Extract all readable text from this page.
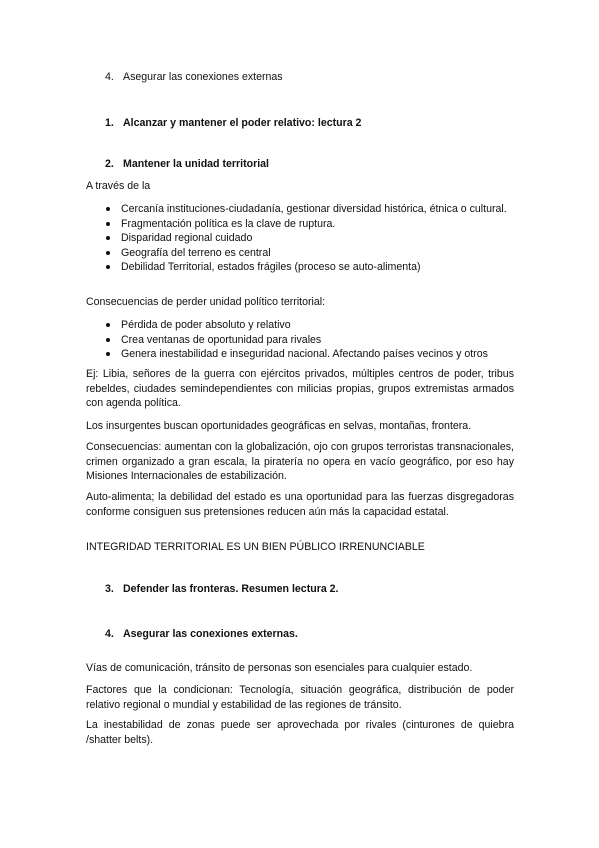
4. Asegurar las conexiones externas
1. Alcanzar y mantener el poder relativo: lectura 2
2. Mantener la unidad territorial
A través de la
Cercanía instituciones-ciudadanía, gestionar diversidad histórica, étnica o cultural.
Fragmentación política es la clave de ruptura.
Disparidad regional cuidado
Geografía del terreno es central
Debilidad Territorial, estados frágiles (proceso se auto-alimenta)
Consecuencias de perder unidad político territorial:
Pérdida de poder absoluto y relativo
Crea ventanas de oportunidad para rivales
Genera inestabilidad e inseguridad nacional. Afectando países vecinos y otros
Ej: Libia, señores de la guerra con ejércitos privados, múltiples centros de poder, tribus rebeldes, ciudades semindependientes con milicias propias, grupos extremistas armados con agenda política.
Los insurgentes buscan oportunidades geográficas en selvas, montañas, frontera.
Consecuencias: aumentan con la globalización, ojo con grupos terroristas transnacionales, crimen organizado a gran escala, la piratería no opera en vacío geográfico, por eso hay Misiones Internacionales de estabilización.
Auto-alimenta; la debilidad del estado es una oportunidad para las fuerzas disgregadoras conforme consiguen sus pretensiones reducen aún más la capacidad estatal.
INTEGRIDAD TERRITORIAL ES UN BIEN PÚBLICO IRRENUNCIABLE
3. Defender las fronteras. Resumen lectura 2.
4. Asegurar las conexiones externas.
Vías de comunicación, tránsito de personas son esenciales para cualquier estado.
Factores que la condicionan: Tecnología, situación geográfica, distribución de poder relativo regional o mundial y estabilidad de las regiones de tránsito.
La inestabilidad de zonas puede ser aprovechada por rivales (cinturones de quiebra /shatter belts).
